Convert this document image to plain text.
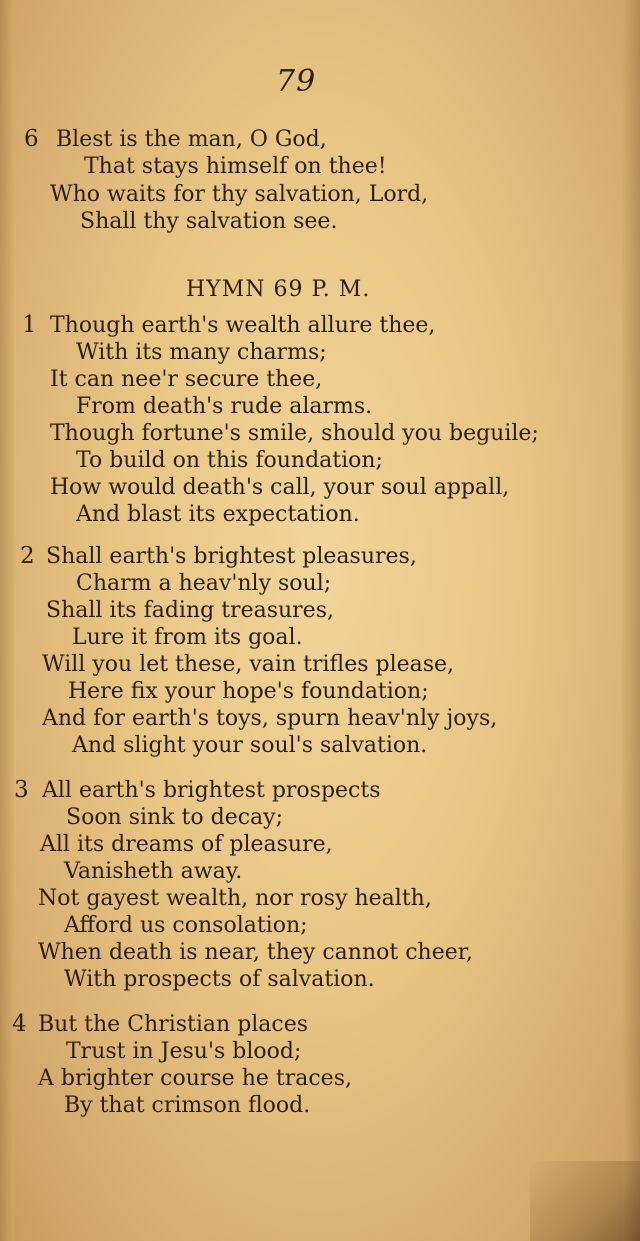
79
6 Blest is the man, O God,
That stays himself on thee!
Who waits for thy salvation, Lord,
Shall thy salvation see.
HYMN 69 P. M.
1 Though earth's wealth allure thee,
With its many charms;
It can nee'r secure thee,
From death's rude alarms.
Though fortune's smile, should you beguile;
To build on this foundation;
How would death's call, your soul appall,
And blast its expectation.
2 Shall earth's brightest pleasures,
Charm a heav'nly soul;
Shall its fading treasures,
Lure it from its goal.
Will you let these, vain trifles please,
Here fix your hope's foundation;
And for earth's toys, spurn heav'nly joys,
And slight your soul's salvation.
3 All earth's brightest prospects
Soon sink to decay;
All its dreams of pleasure,
Vanisheth away.
Not gayest wealth, nor rosy health,
Afford us consolation;
When death is near, they cannot cheer,
With prospects of salvation.
4 But the Christian places
Trust in Jesu's blood;
A brighter course he traces,
By that crimson flood.
